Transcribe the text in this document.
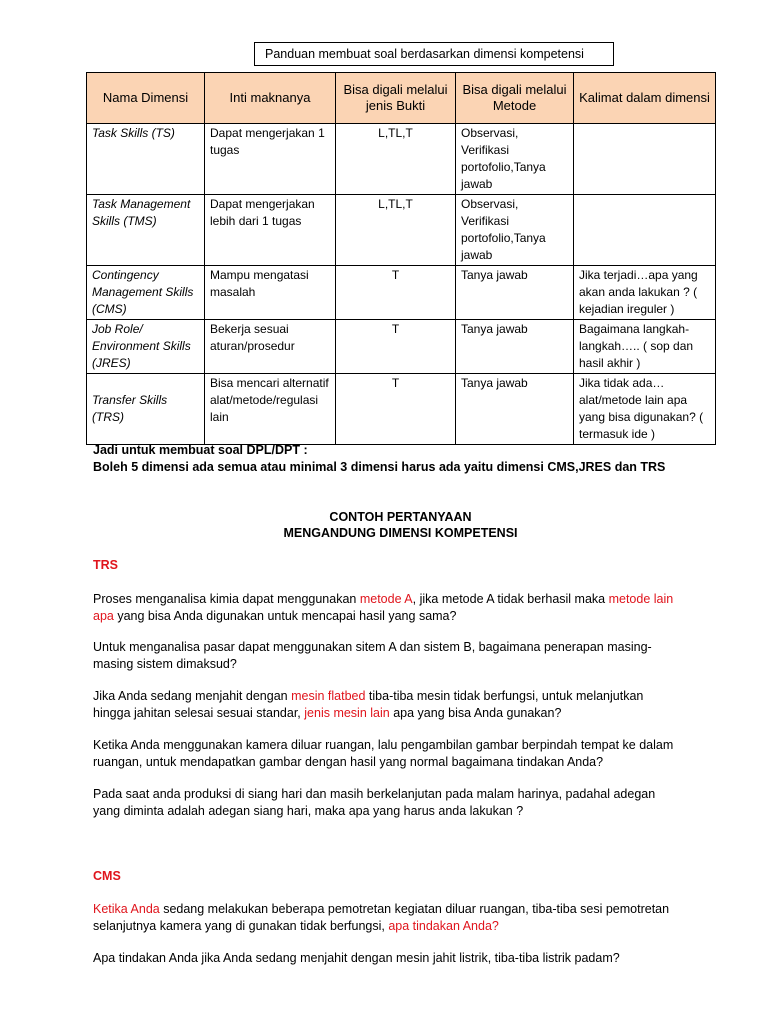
Panduan membuat soal berdasarkan dimensi kompetensi
Nama Dimensi	Inti maknanya	Bisa digali melalui jenis Bukti	Bisa digali melalui Metode	Kalimat dalam dimensi
Task Skills (TS)	Dapat mengerjakan 1 tugas	L,TL,T	Observasi, Verifikasi portofolio,Tanya jawab	
Task Management Skills (TMS)	Dapat mengerjakan lebih dari 1 tugas	L,TL,T	Observasi, Verifikasi portofolio,Tanya jawab	
Contingency Management Skills (CMS)	Mampu mengatasi masalah	T	Tanya jawab	Jika terjadi…apa yang akan anda lakukan ? ( kejadian ireguler )
Job Role/ Environment Skills (JRES)	Bekerja sesuai aturan/prosedur	T	Tanya jawab	Bagaimana langkah-langkah….. ( sop dan hasil akhir )
Transfer Skills (TRS)	Bisa mencari alternatif alat/metode/regulasi lain	T	Tanya jawab	Jika tidak ada… alat/metode lain apa yang bisa digunakan? ( termasuk ide )

Jadi untuk membuat soal DPL/DPT :

Boleh 5 dimensi ada semua atau minimal 3 dimensi harus ada yaitu dimensi CMS,JRES dan TRS

CONTOH PERTANYAAN

MENGANDUNG DIMENSI KOMPETENSI

TRS

Proses menganalisa kimia dapat menggunakan metode A, jika metode A tidak berhasil maka metode lain apa yang bisa Anda digunakan untuk mencapai hasil yang sama?

Untuk menganalisa pasar dapat menggunakan sitem A dan sistem B, bagaimana penerapan masing-masing sistem dimaksud?

Jika Anda sedang menjahit dengan mesin flatbed tiba-tiba mesin tidak berfungsi, untuk melanjutkan hingga jahitan selesai sesuai standar, jenis mesin lain apa yang bisa Anda gunakan?

Ketika Anda menggunakan kamera diluar ruangan, lalu pengambilan gambar berpindah tempat ke dalam ruangan, untuk mendapatkan gambar dengan hasil yang normal bagaimana tindakan Anda?

Pada saat anda produksi di siang hari dan masih berkelanjutan pada malam harinya, padahal adegan yang diminta adalah adegan siang hari, maka apa yang harus anda lakukan ?

CMS

Ketika Anda sedang melakukan beberapa pemotretan kegiatan diluar ruangan, tiba-tiba sesi pemotretan selanjutnya kamera yang di gunakan tidak berfungsi, apa tindakan Anda?

Apa tindakan Anda jika Anda sedang menjahit dengan mesin jahit listrik, tiba-tiba listrik padam?
